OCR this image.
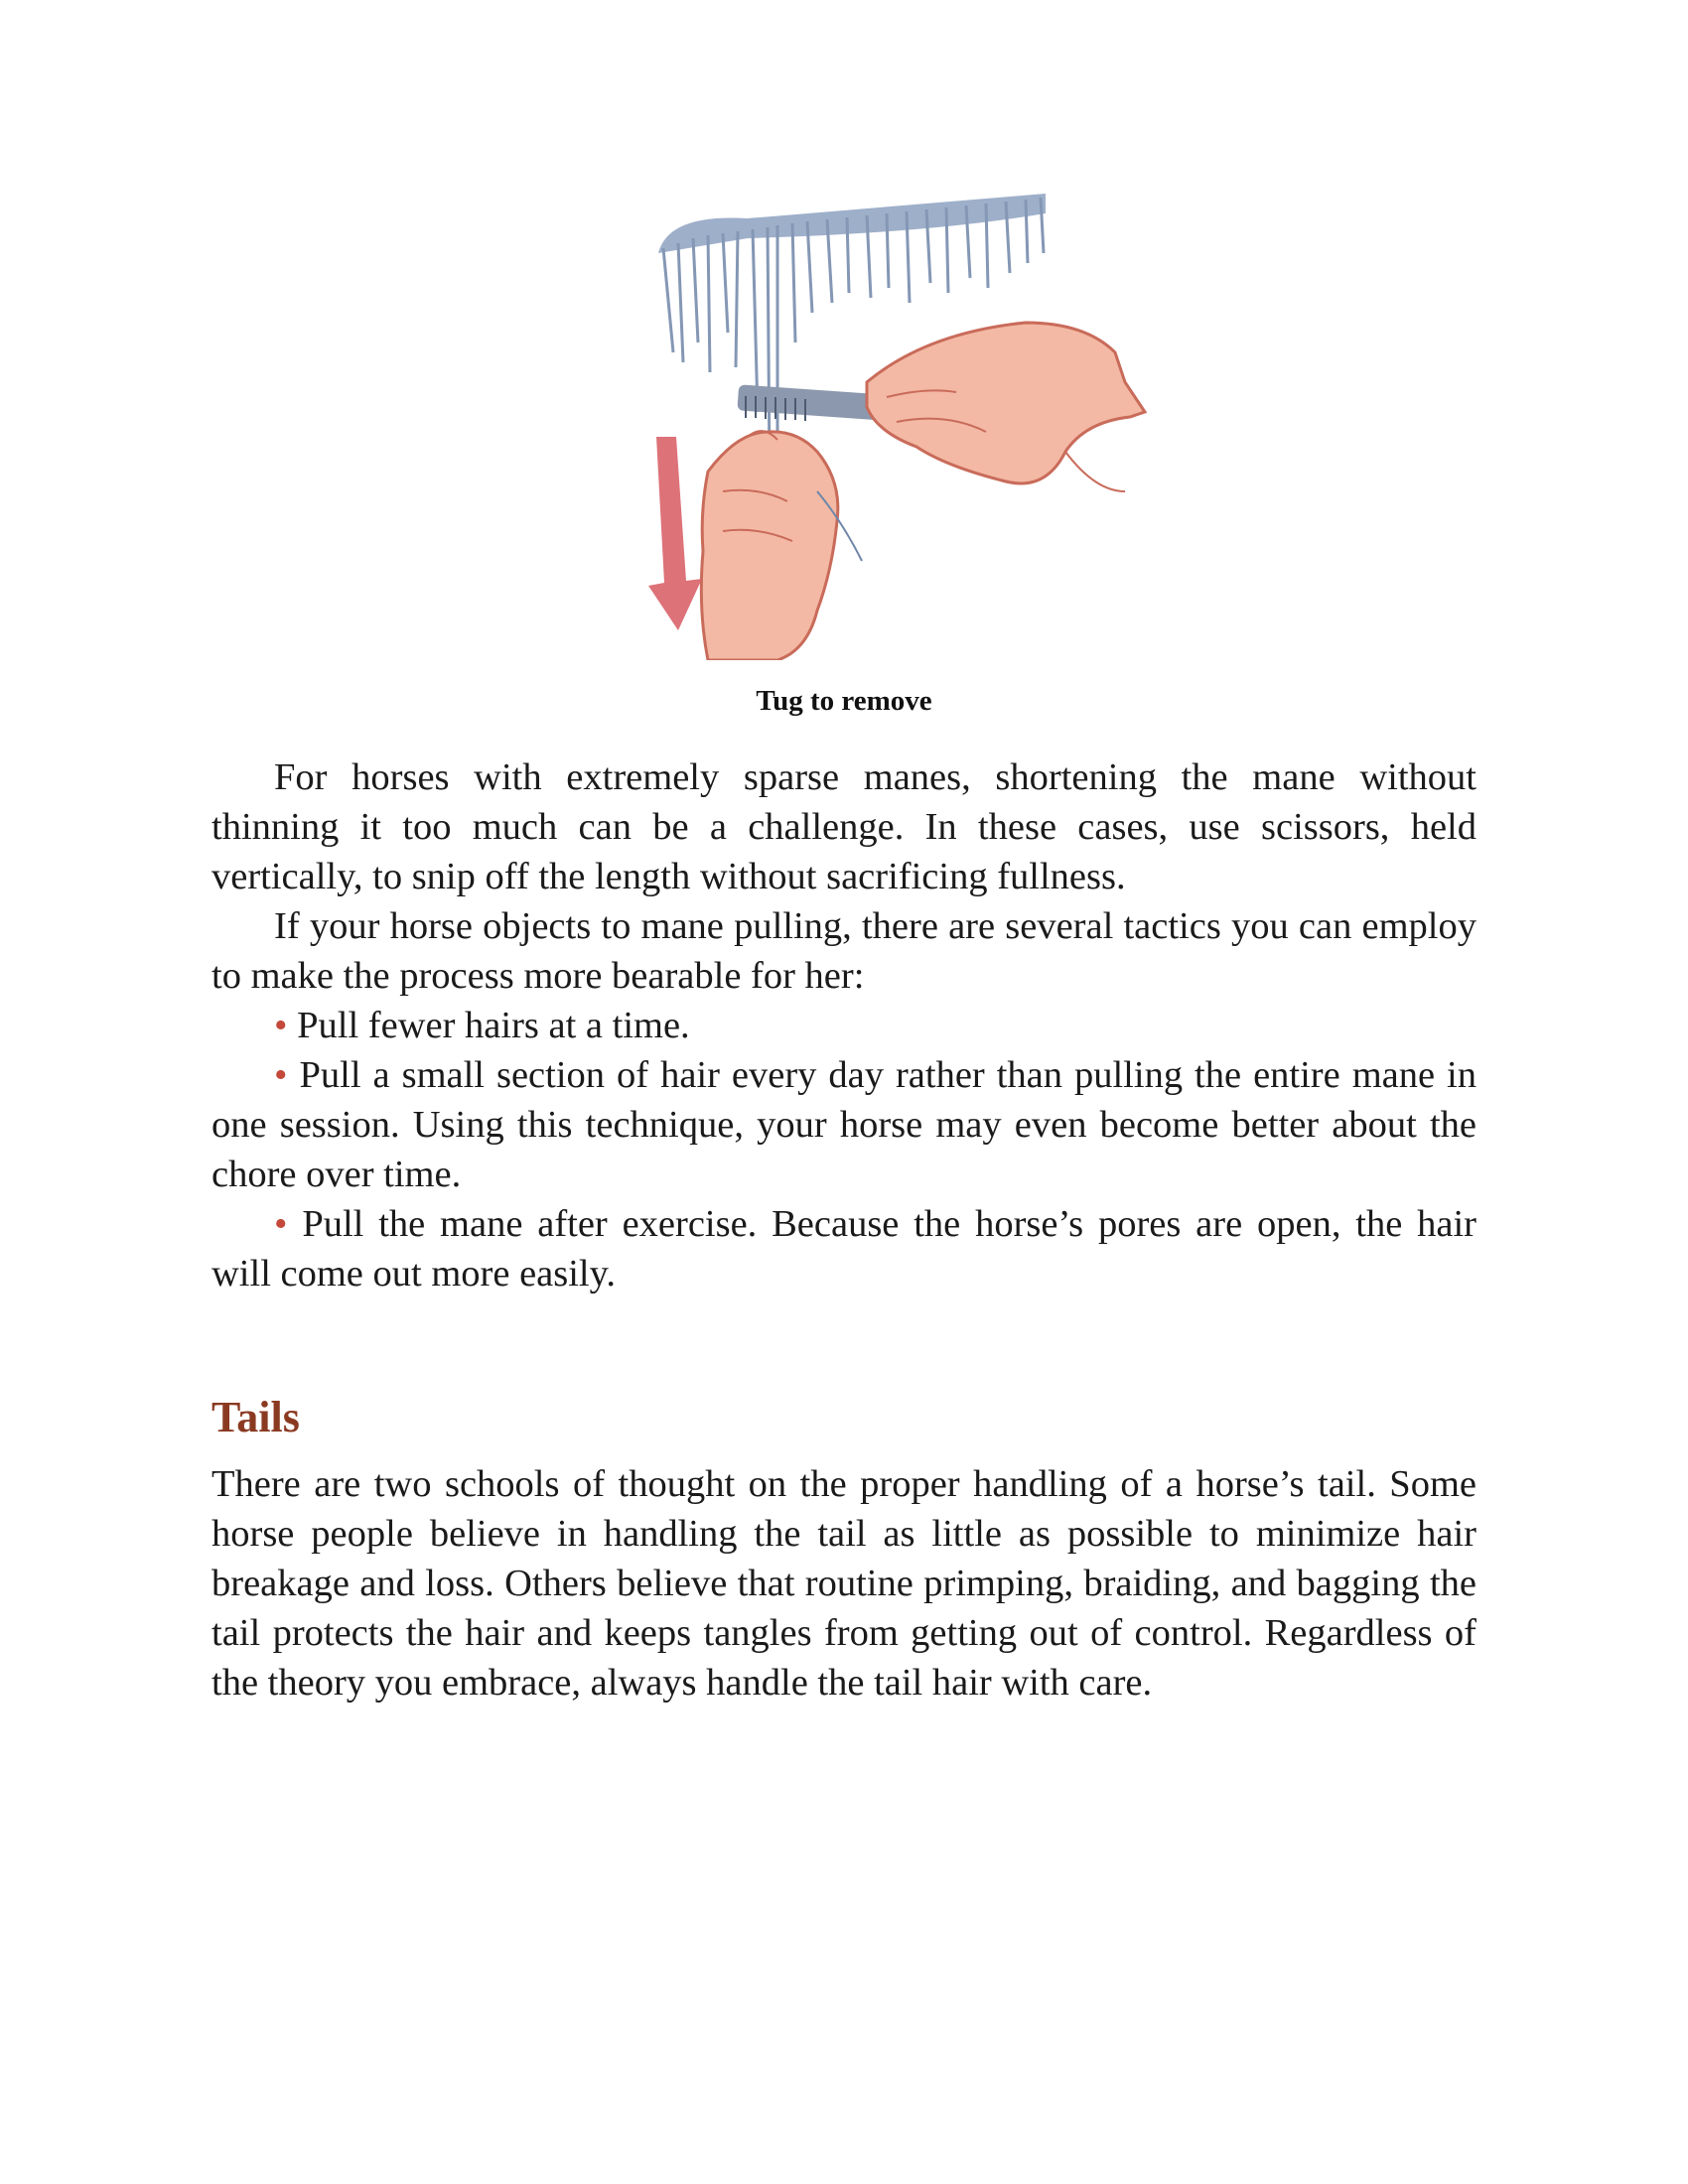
Tug to remove

For horses with extremely sparse manes, shortening the mane without thinning it too much can be a challenge. In these cases, use scissors, held vertically, to snip off the length without sacrificing fullness.

If your horse objects to mane pulling, there are several tactics you can employ to make the process more bearable for her:

• Pull fewer hairs at a time.

• Pull a small section of hair every day rather than pulling the entire mane in one session. Using this technique, your horse may even become better about the chore over time.

• Pull the mane after exercise. Because the horse’s pores are open, the hair will come out more easily.

Tails

There are two schools of thought on the proper handling of a horse’s tail. Some horse people believe in handling the tail as little as possible to minimize hair breakage and loss. Others believe that routine primping, braiding, and bagging the tail protects the hair and keeps tangles from getting out of control. Regardless of the theory you embrace, always handle the tail hair with care.
